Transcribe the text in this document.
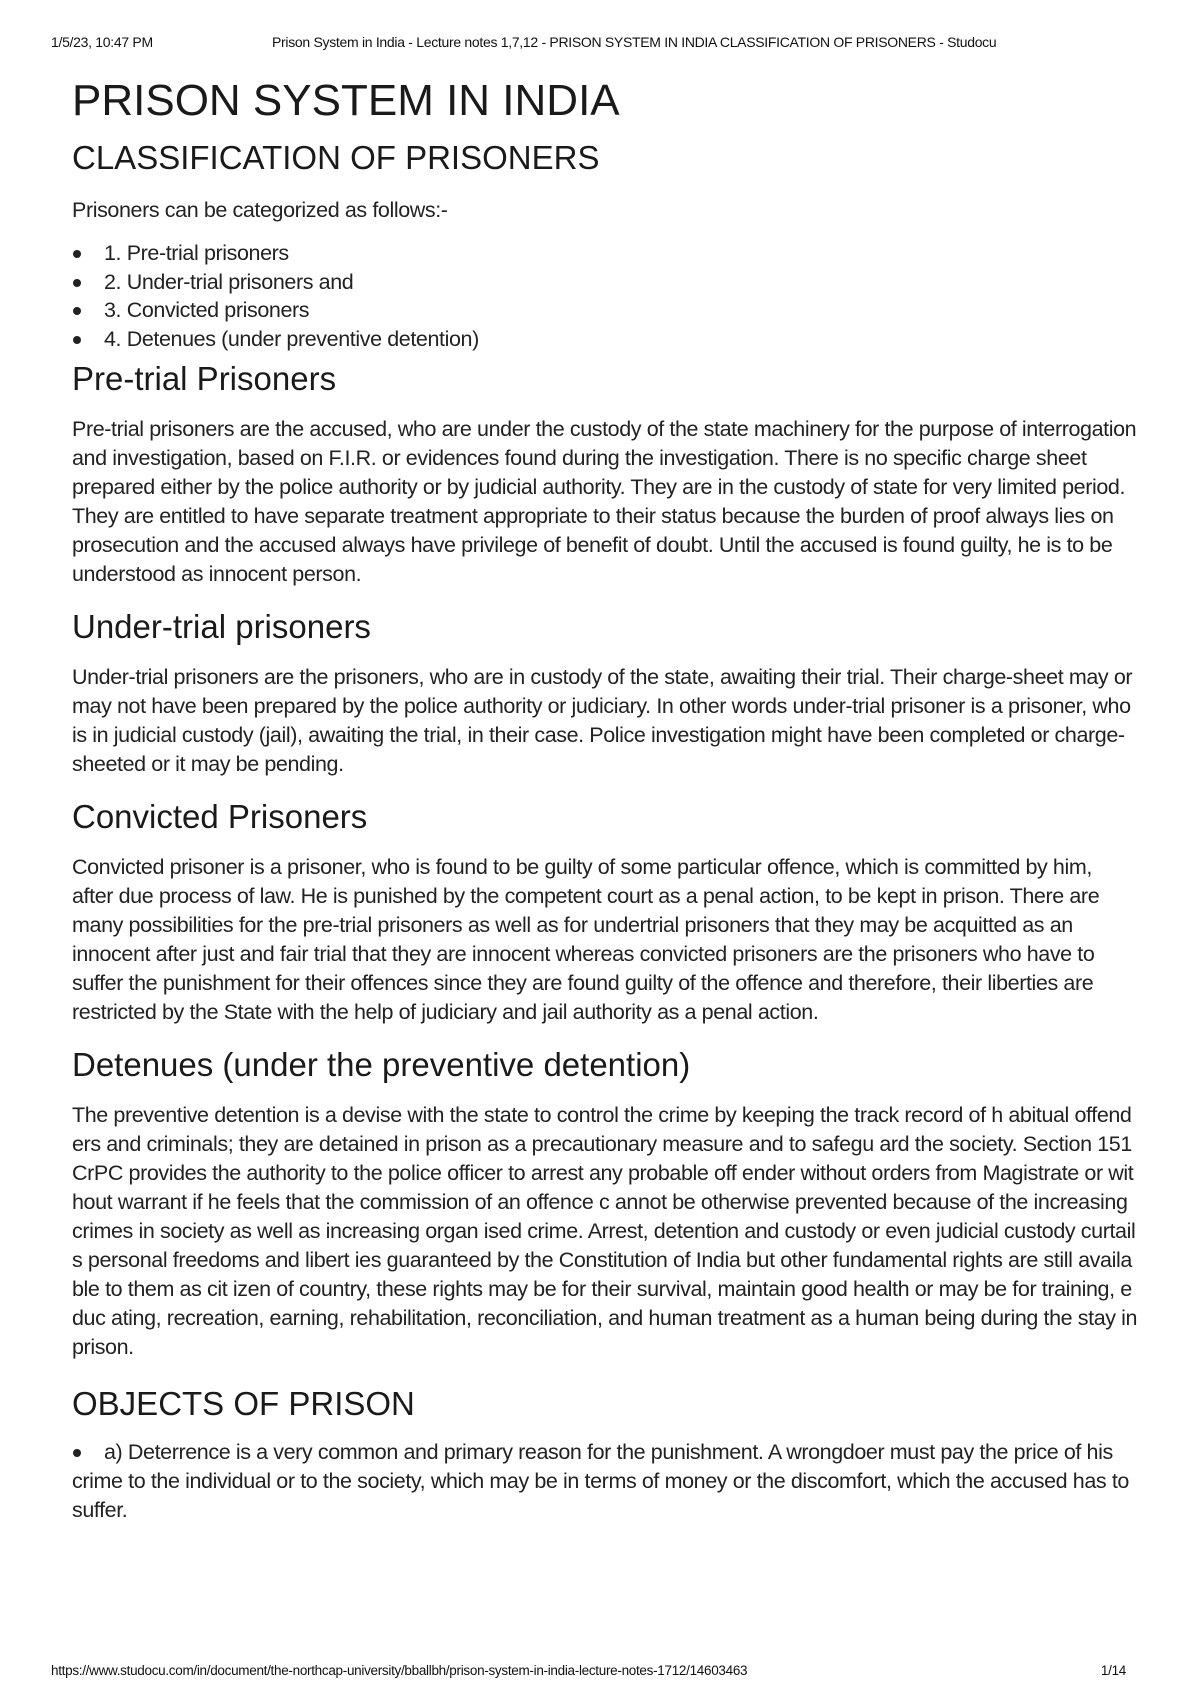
1/5/23, 10:47 PM	Prison System in India - Lecture notes 1,7,12 - PRISON SYSTEM IN INDIA CLASSIFICATION OF PRISONERS - Studocu
PRISON SYSTEM IN INDIA
CLASSIFICATION OF PRISONERS

Prisoners can be categorized as follows:-

1. Pre-trial prisoners
2. Under-trial prisoners and
3. Convicted prisoners
4. Detenues (under preventive detention)
Pre-trial Prisoners

Pre-trial prisoners are the accused, who are under the custody of the state machinery for the purpose of interrogation and investigation, based on F.I.R. or evidences found during the investigation. There is no specific charge sheet prepared either by the police authority or by judicial authority. They are in the custody of state for very limited period. They are entitled to have separate treatment appropriate to their status because the burden of proof always lies on prosecution and the accused always have privilege of benefit of doubt. Until the accused is found guilty, he is to be understood as innocent person.

Under-trial prisoners

Under-trial prisoners are the prisoners, who are in custody of the state, awaiting their trial. Their charge-sheet may or may not have been prepared by the police authority or judiciary. In other words under-trial prisoner is a prisoner, who is in judicial custody (jail), awaiting the trial, in their case. Police investigation might have been completed or charge-sheeted or it may be pending.

Convicted Prisoners

Convicted prisoner is a prisoner, who is found to be guilty of some particular offence, which is committed by him, after due process of law. He is punished by the competent court as a penal action, to be kept in prison. There are many possibilities for the pre-trial prisoners as well as for undertrial prisoners that they may be acquitted as an innocent after just and fair trial that they are innocent whereas convicted prisoners are the prisoners who have to suffer the punishment for their offences since they are found guilty of the offence and therefore, their liberties are restricted by the State with the help of judiciary and jail authority as a penal action.

Detenues (under the preventive detention)

The preventive detention is a devise with the state to control the crime by keeping the track record of h abitual offenders and criminals; they are detained in prison as a precautionary measure and to safegu ard the society. Section 151 CrPC provides the authority to the police officer to arrest any probable off ender without orders from Magistrate or without warrant if he feels that the commission of an offence c annot be otherwise prevented because of the increasing crimes in society as well as increasing organ ised crime. Arrest, detention and custody or even judicial custody curtails personal freedoms and libert ies guaranteed by the Constitution of India but other fundamental rights are still available to them as cit izen of country, these rights may be for their survival, maintain good health or may be for training, educ ating, recreation, earning, rehabilitation, reconciliation, and human treatment as a human being during the stay in prison.

OBJECTS OF PRISON
a) Deterrence is a very common and primary reason for the punishment. A wrongdoer must pay the price of his crime to the individual or to the society, which may be in terms of money or the discomfort, which the accused has to suffer.
https://www.studocu.com/in/document/the-northcap-university/bballbh/prison-system-in-india-lecture-notes-1712/14603463	1/14
